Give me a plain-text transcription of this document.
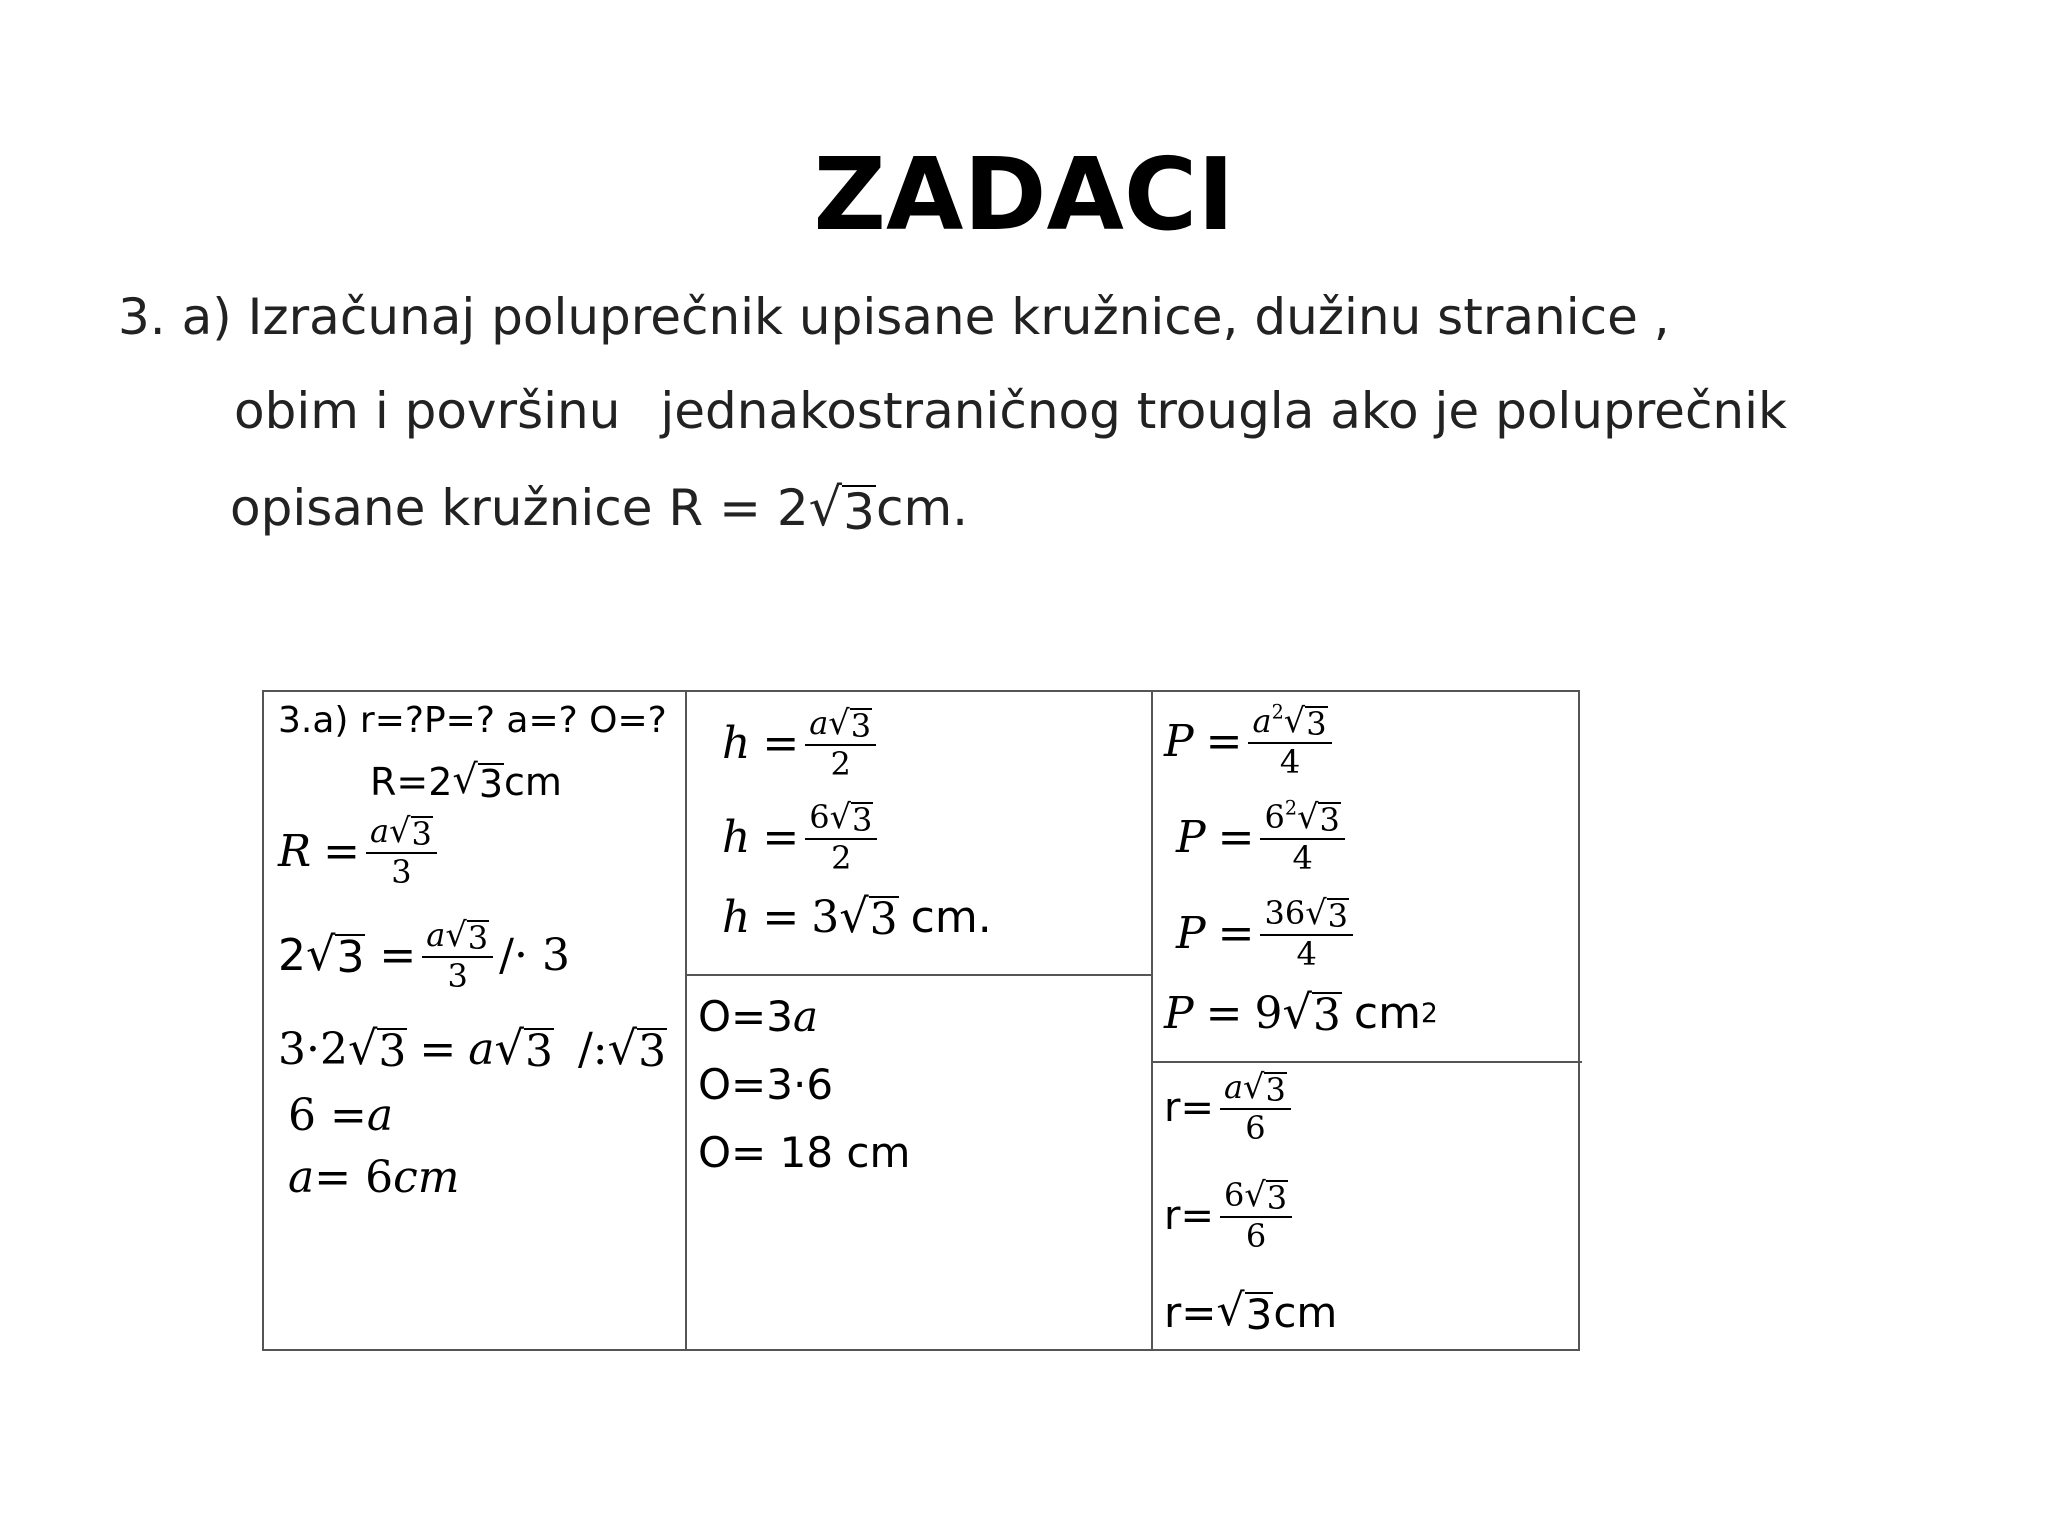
ZADACI
3. a) Izračunaj poluprečnik upisane kružnice, dužinu stranice ,
obim i površinu jednakostraničnog trougla ako je poluprečnik
opisane kružnice R = 2 √ 3 cm.
3.a) r=?P=? a=? O=?
R=2 √ 3 cm
$R = \frac{a √ 3}{3}$
2 √ $3 = \frac{a √ 3}{3} /\cdot 3$
3·2 √ 3 = a √ 3 /: √ 3
6 = a
a = 6 cm
$h = \frac{a √ 3}{2}$
$h = \frac{6 √ 3}{2}$
h = 3 √ 3 cm.
O=3 a
O=3·6
O= 18 cm
$P = \frac{a^2 √ 3}{4}$
$P = \frac{6^2 √ 3}{4}$
$P = \frac{36 √ 3}{4}$
P = 9 √ 3 cm 2
$r= \frac{a √ 3}{6}$
$r= \frac{6 √ 3}{6}$
r= √ 3 cm
